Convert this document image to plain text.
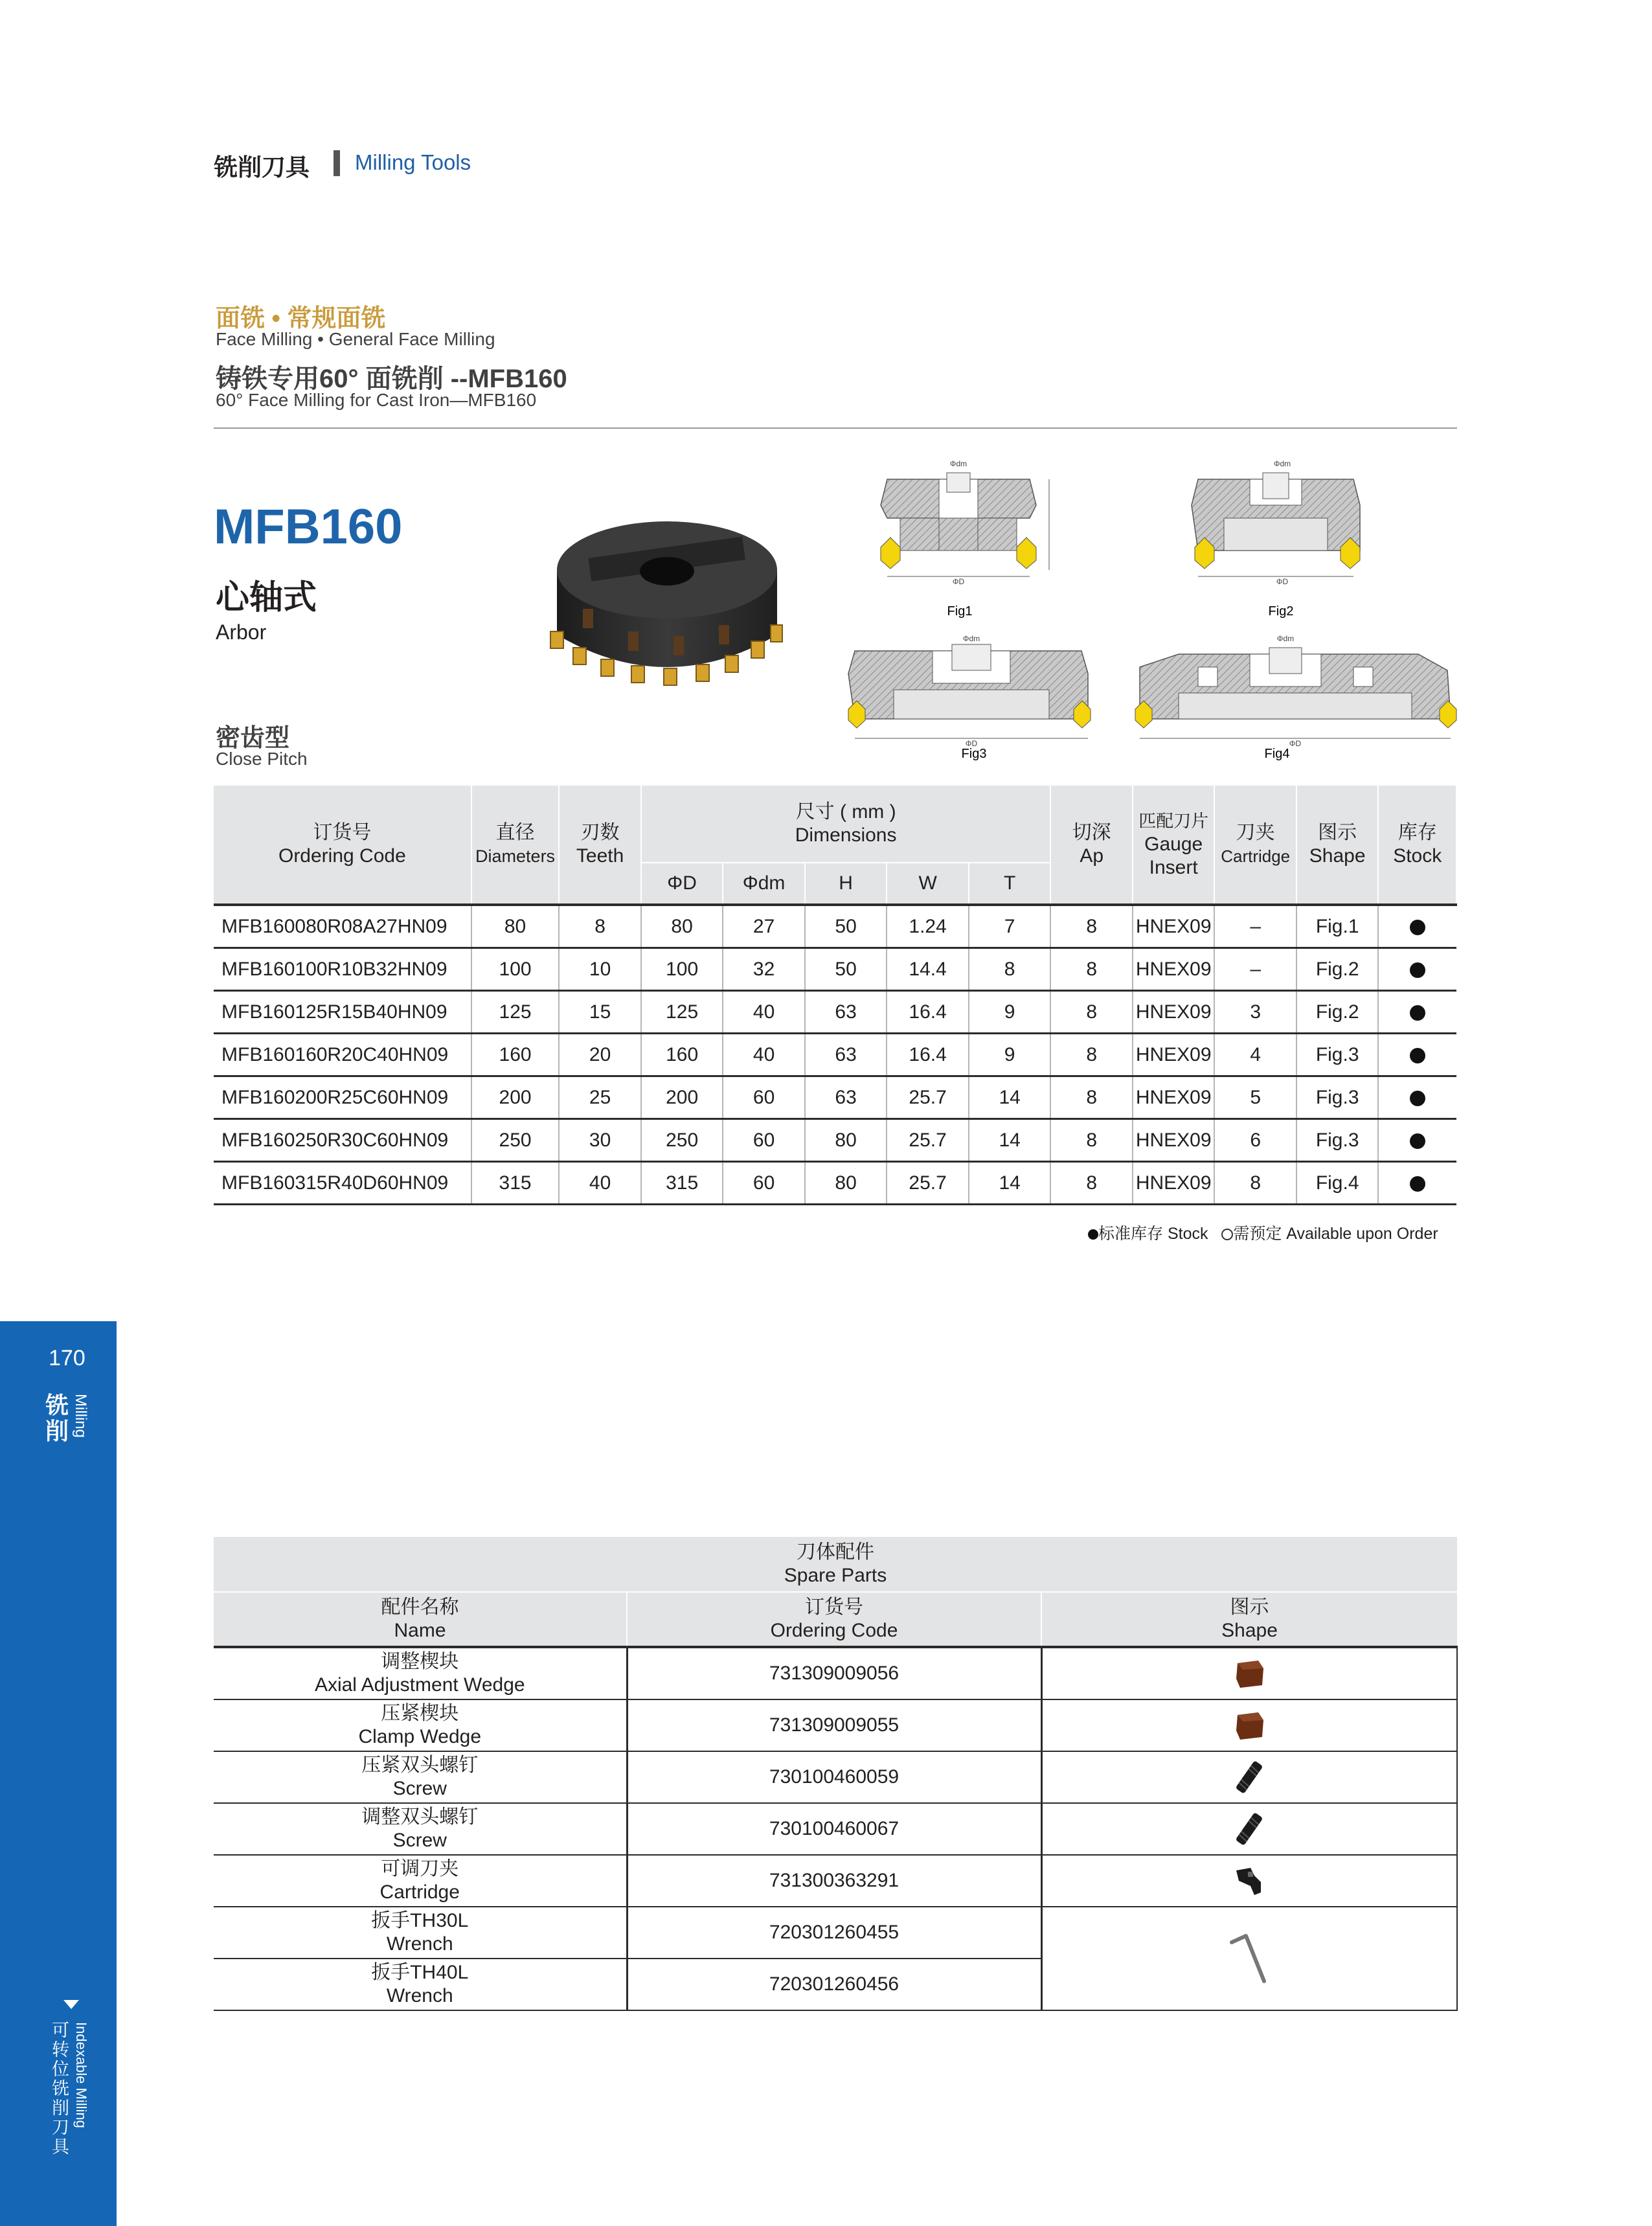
铣削刀具 Milling Tools
面铣 • 常规面铣
Face Milling • General Face Milling
铸铁专用60° 面铣削 --MFB160
60° Face Milling for Cast Iron—MFB160
MFB160
心轴式
Arbor
密齿型
Close Pitch
Φdm
ΦD
Fig1
Φdm
ΦD
Fig2
Φdm
ΦD
Fig3
Φdm
ΦD
Fig4
订货号
Ordering Code	直径
Diameters	刃数
Teeth	尺寸 ( mm )
Dimensions					切深
Ap	匹配刀片
Gauge
Insert	刀夹
Cartridge	图示
Shape	库存
Stock
			ΦD	Φdm	H	W	T					
MFB160080R08A27HN09	80	8	80	27	50	1.24	7	8	HNEX09	–	Fig.1	
MFB160100R10B32HN09	100	10	100	32	50	14.4	8	8	HNEX09	–	Fig.2	
MFB160125R15B40HN09	125	15	125	40	63	16.4	9	8	HNEX09	3	Fig.2	
MFB160160R20C40HN09	160	20	160	40	63	16.4	9	8	HNEX09	4	Fig.3	
MFB160200R25C60HN09	200	25	200	60	63	25.7	14	8	HNEX09	5	Fig.3	
MFB160250R30C60HN09	250	30	250	60	80	25.7	14	8	HNEX09	6	Fig.3	
MFB160315R40D60HN09	315	40	315	60	80	25.7	14	8	HNEX09	8	Fig.4	
标准库存 Stock 需预定 Available upon Order
170
铣削 Milling
可转位铣削刀具
Indexable Milling
刀体配件
Spare Parts		
配件名称
Name	订货号
Ordering Code	图示
Shape
调整楔块
Axial Adjustment Wedge	731309009056	

压紧楔块
Clamp Wedge	731309009055	

压紧双头螺钉
Screw	730100460059	

调整双头螺钉
Screw	730100460067	

可调刀夹
Cartridge	731300363291	

扳手TH30L
Wrench	720301260455	

扳手TH40L
Wrench	720301260456	
